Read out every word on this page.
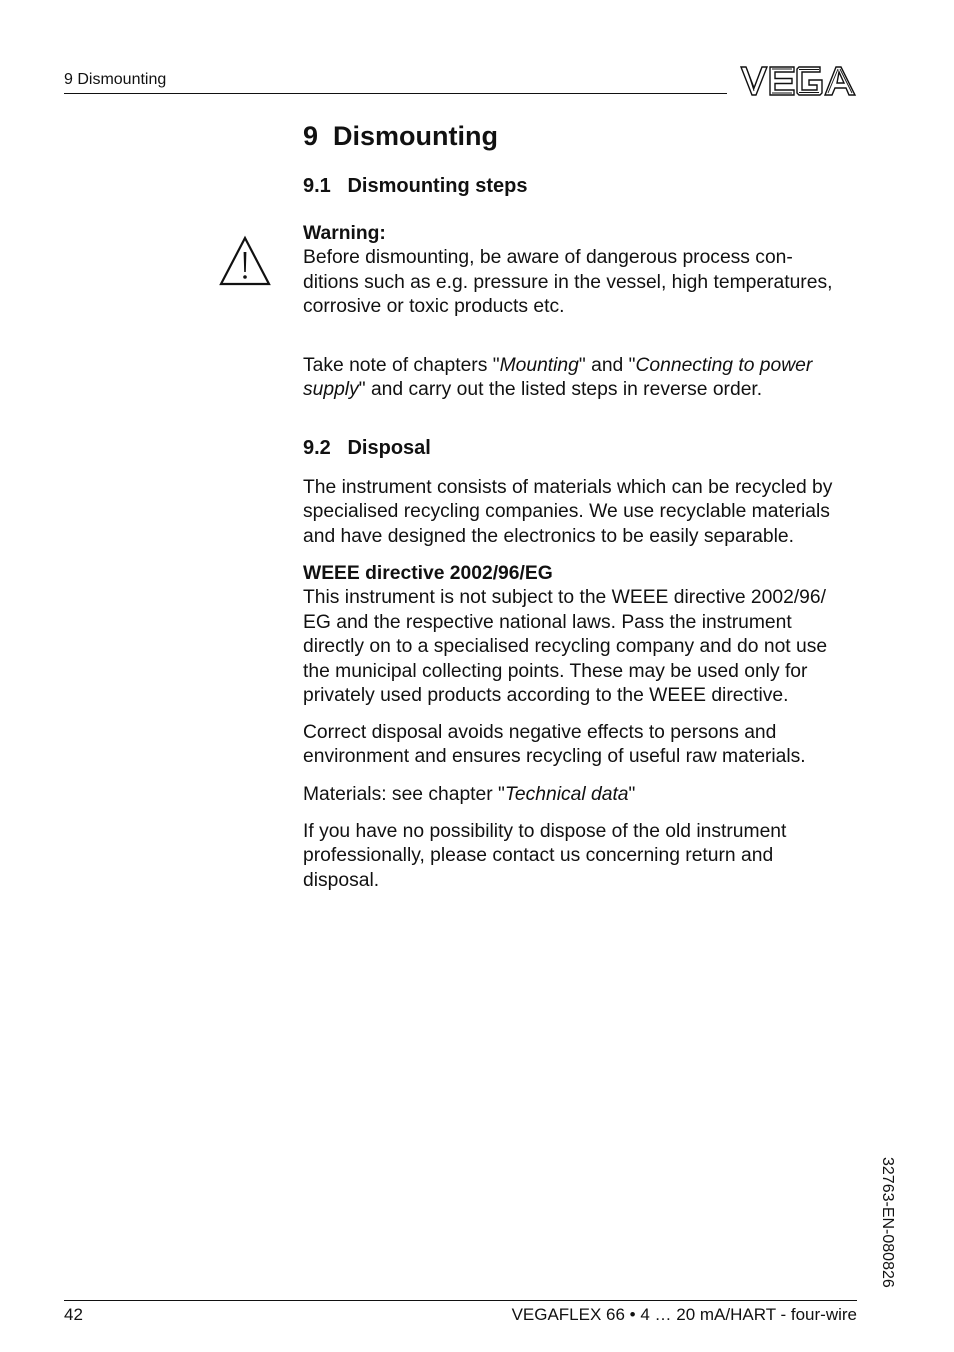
9 Dismounting
9  Dismounting
9.1   Dismounting steps
Warning:
Before dismounting, be aware of dangerous process con-
ditions such as e.g. pressure in the vessel, high temperatures,
corrosive or toxic products etc.
Take note of chapters "Mounting" and "Connecting to power
supply" and carry out the listed steps in reverse order.
9.2   Disposal
The instrument consists of materials which can be recycled by
specialised recycling companies. We use recyclable materials
and have designed the electronics to be easily separable.
WEEE directive 2002/96/EG
This instrument is not subject to the WEEE directive 2002/96/
EG and the respective national laws. Pass the instrument
directly on to a specialised recycling company and do not use
the municipal collecting points. These may be used only for
privately used products according to the WEEE directive.
Correct disposal avoids negative effects to persons and
environment and ensures recycling of useful raw materials.
Materials: see chapter "Technical data"
If you have no possibility to dispose of the old instrument
professionally, please contact us concerning return and
disposal.
32763-EN-080826
42	VEGAFLEX 66 • 4 … 20 mA/HART - four-wire
